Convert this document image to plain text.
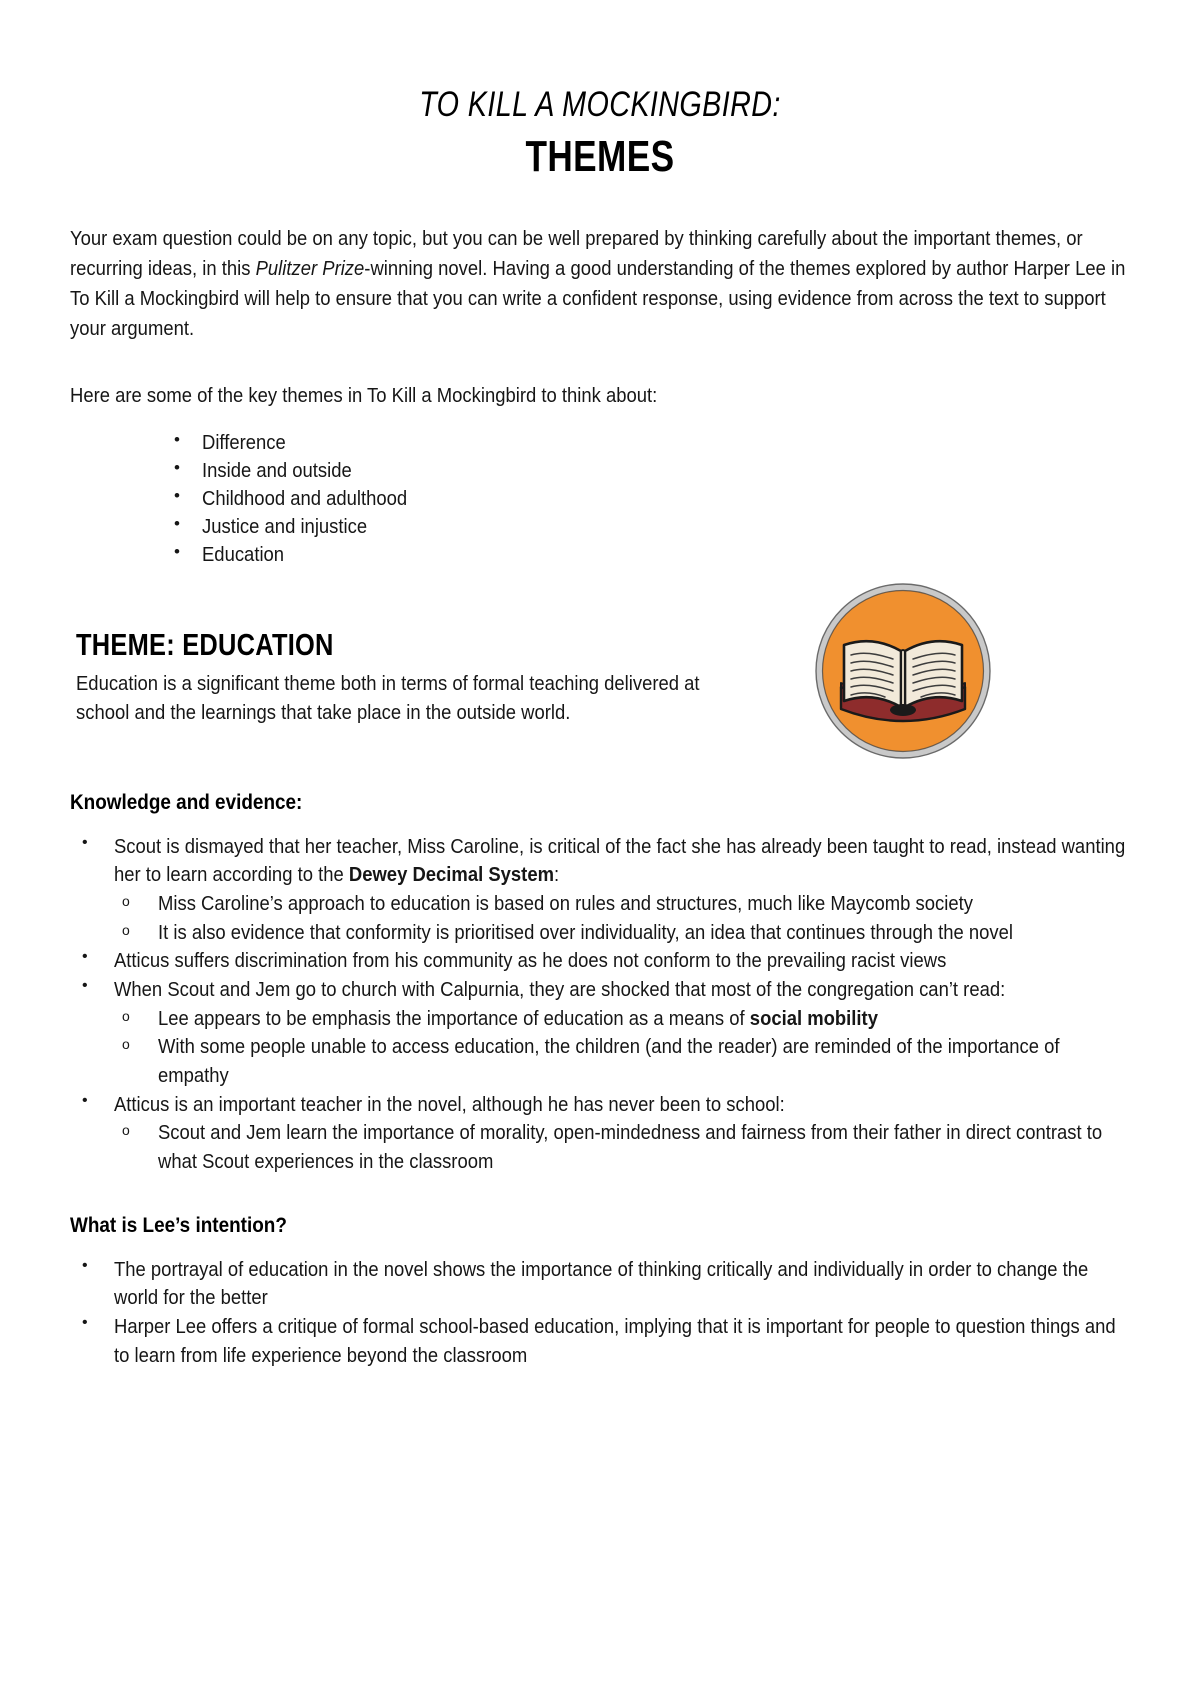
TO KILL A MOCKINGBIRD:
THEMES

Your exam question could be on any topic, but you can be well prepared by thinking carefully about the important themes, or recurring ideas, in this Pulitzer Prize-winning novel. Having a good understanding of the themes explored by author Harper Lee in To Kill a Mockingbird will help to ensure that you can write a confident response, using evidence from across the text to support your argument.

Here are some of the key themes in To Kill a Mockingbird to think about:

• Difference
• Inside and outside
• Childhood and adulthood
• Justice and injustice
• Education
THEME: EDUCATION

Education is a significant theme both in terms of formal teaching delivered at school and the learnings that take place in the outside world.

Knowledge and evidence:
• Scout is dismayed that her teacher, Miss Caroline, is critical of the fact she has already been taught to read, instead wanting her to learn according to the Dewey Decimal System:
o Miss Caroline’s approach to education is based on rules and structures, much like Maycomb society
o It is also evidence that conformity is prioritised over individuality, an idea that continues through the novel
• Atticus suffers discrimination from his community as he does not conform to the prevailing racist views
• When Scout and Jem go to church with Calpurnia, they are shocked that most of the congregation can’t read:
o Lee appears to be emphasis the importance of education as a means of social mobility
o With some people unable to access education, the children (and the reader) are reminded of the importance of empathy
• Atticus is an important teacher in the novel, although he has never been to school:
o Scout and Jem learn the importance of morality, open-mindedness and fairness from their father in direct contrast to what Scout experiences in the classroom
What is Lee’s intention?
• The portrayal of education in the novel shows the importance of thinking critically and individually in order to change the world for the better
• Harper Lee offers a critique of formal school-based education, implying that it is important for people to question things and to learn from life experience beyond the classroom
